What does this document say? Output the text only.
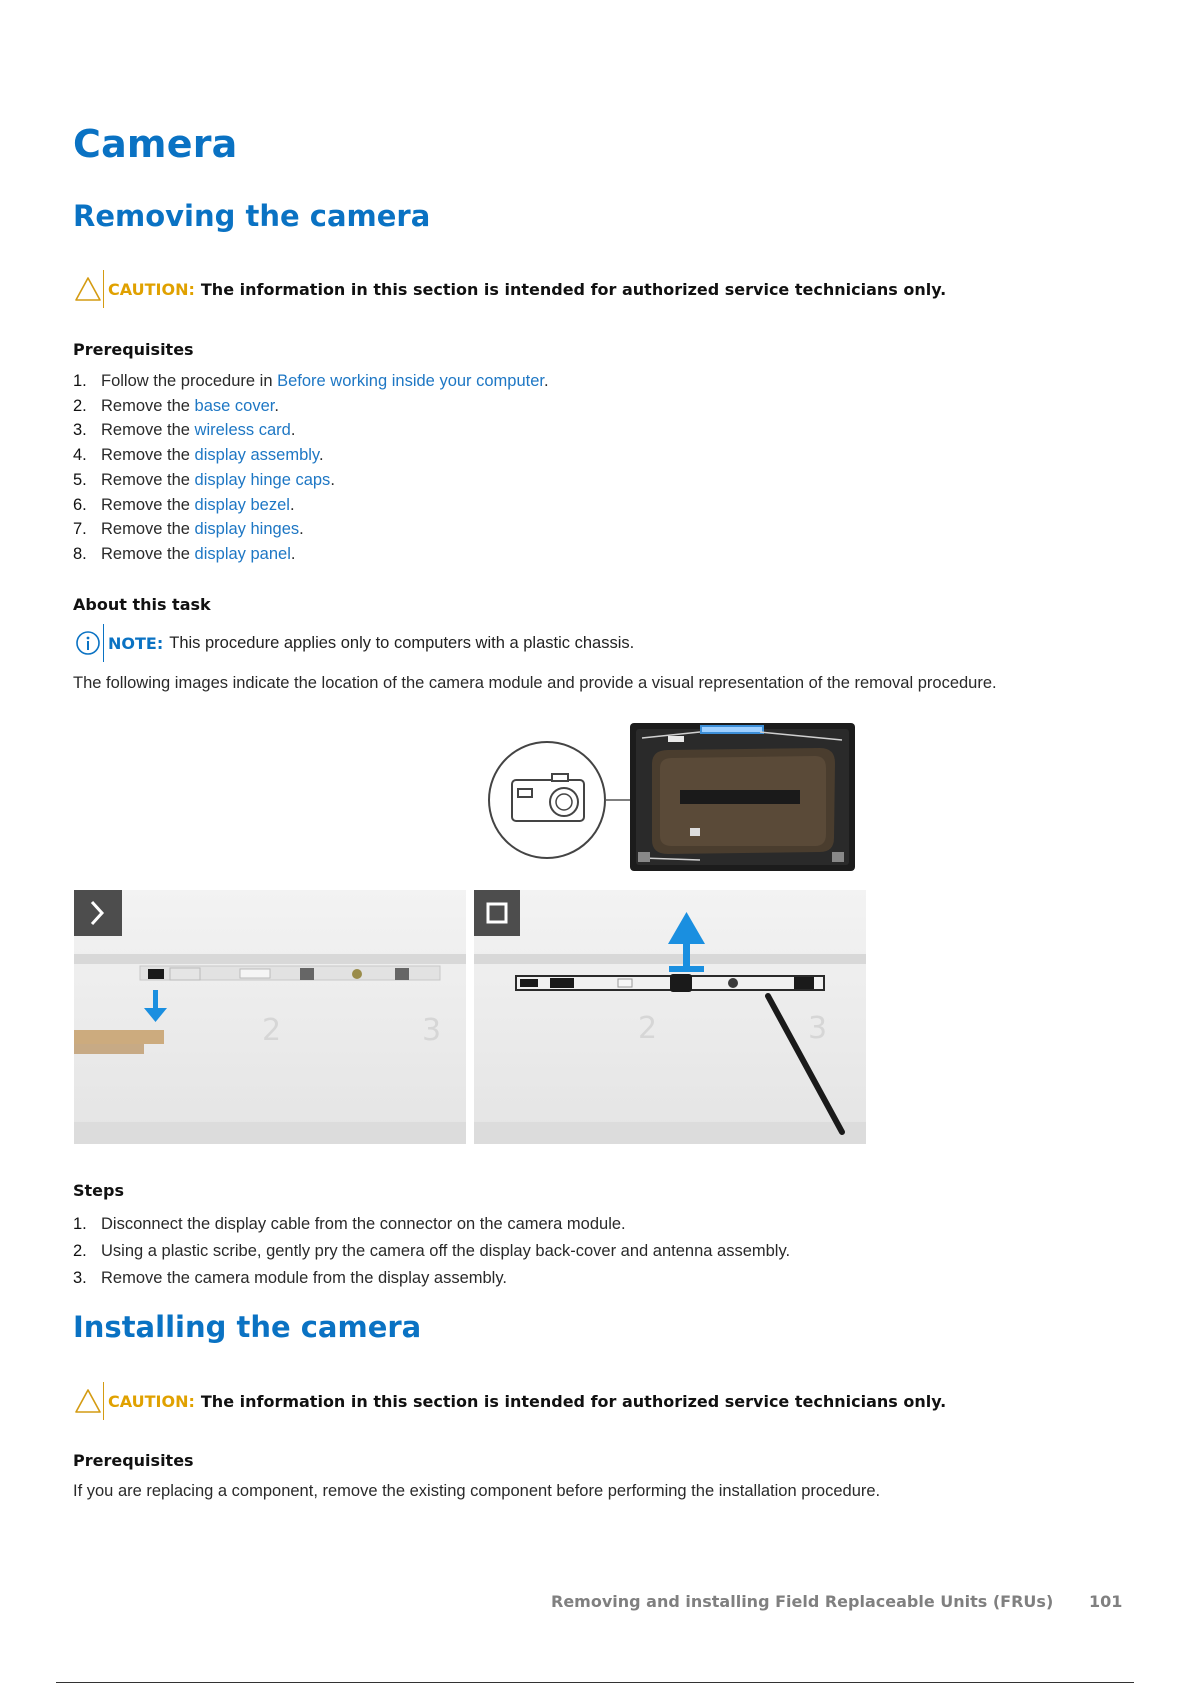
Camera
Removing the camera
CAUTION: The information in this section is intended for authorized service technicians only.
Prerequisites
1. Follow the procedure in Before working inside your computer.
2. Remove the base cover.
3. Remove the wireless card.
4. Remove the display assembly.
5. Remove the display hinge caps.
6. Remove the display bezel.
7. Remove the display hinges.
8. Remove the display panel.
About this task
NOTE: This procedure applies only to computers with a plastic chassis.

The following images indicate the location of the camera module and provide a visual representation of the removal procedure.

2	3	2	3
Steps
1. Disconnect the display cable from the connector on the camera module.
2. Using a plastic scribe, gently pry the camera off the display back-cover and antenna assembly.
3. Remove the camera module from the display assembly.
Installing the camera
CAUTION: The information in this section is intended for authorized service technicians only.
Prerequisites

If you are replacing a component, remove the existing component before performing the installation procedure.

Removing and installing Field Replaceable Units (FRUs) 101
